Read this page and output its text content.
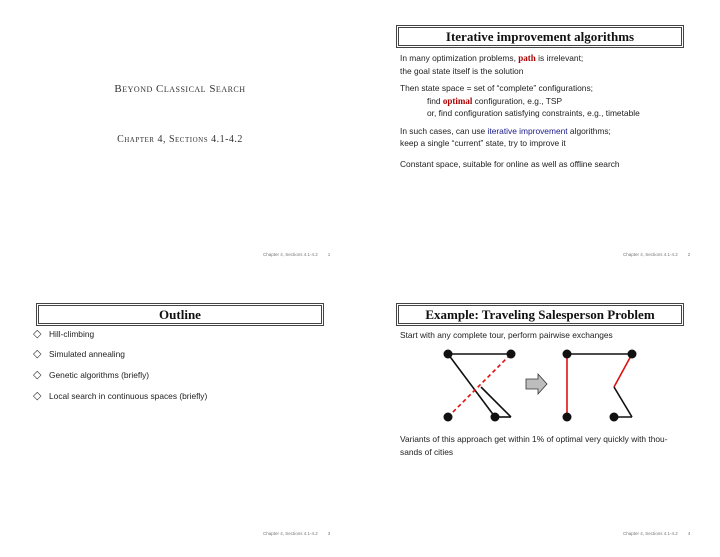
Beyond Classical Search
Chapter 4, Sections 4.1-4.2
Chapter 4, Sections 4.1-4.2 1
Iterative improvement algorithms
In many optimization problems, path is irrelevant;
the goal state itself is the solution
Then state space = set of “complete” configurations;
find optimal configuration, e.g., TSP
or, find configuration satisfying constraints, e.g., timetable
In such cases, can use iterative improvement algorithms;
keep a single “current” state, try to improve it
Constant space, suitable for online as well as offline search
Chapter 4, Sections 4.1-4.2 2
Outline
◇ Hill-climbing
◇ Simulated annealing
◇ Genetic algorithms (briefly)
◇ Local search in continuous spaces (briefly)
Chapter 4, Sections 4.1-4.2 3
Example: Traveling Salesperson Problem
Start with any complete tour, perform pairwise exchanges
Variants of this approach get within 1% of optimal very quickly with thou-
sands of cities
Chapter 4, Sections 4.1-4.2 4
